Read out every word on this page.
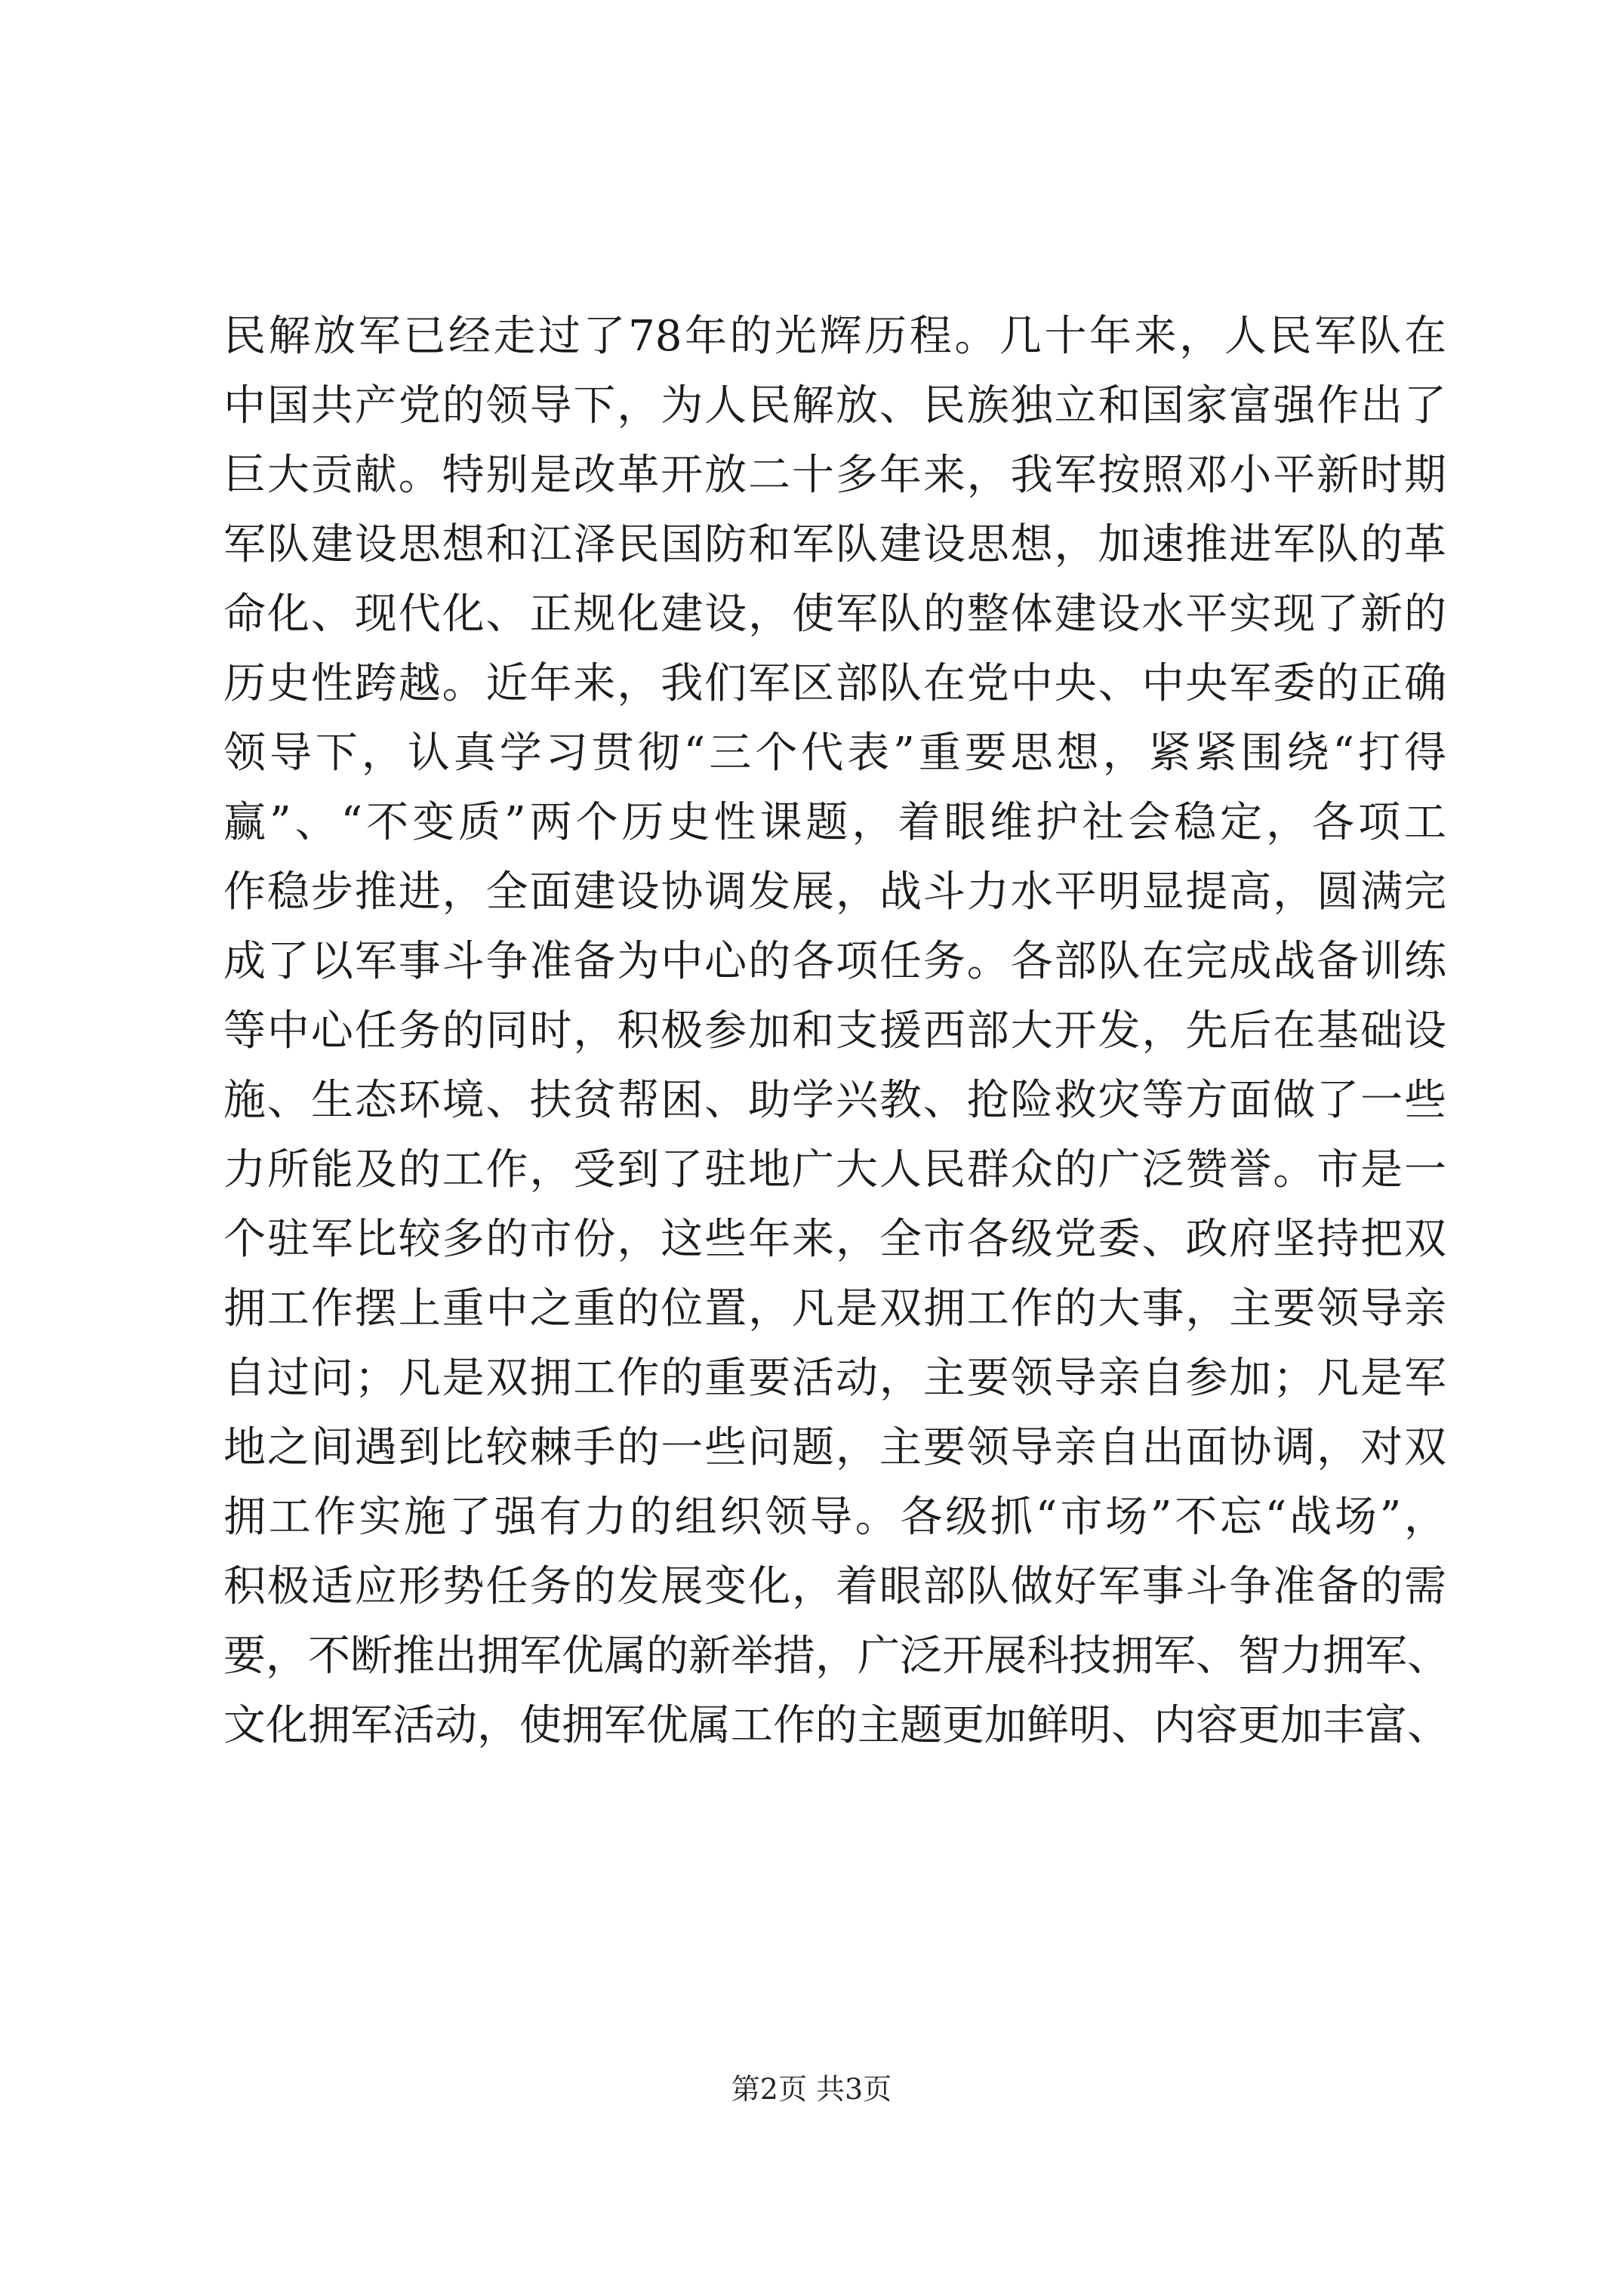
民解放军已经走过了78年的光辉历程。几十年来，人民军队在
中国共产党的领导下，为人民解放、民族独立和国家富强作出了
巨大贡献。特别是改革开放二十多年来，我军按照邓小平新时期
军队建设思想和江泽民国防和军队建设思想，加速推进军队的革
命化、现代化、正规化建设，使军队的整体建设水平实现了新的
历史性跨越。近年来，我们军区部队在党中央、中央军委的正确
领导下，认真学习贯彻“三个代表”重要思想，紧紧围绕“打得
赢”、“不变质”两个历史性课题，着眼维护社会稳定，各项工
作稳步推进，全面建设协调发展，战斗力水平明显提高，圆满完
成了以军事斗争准备为中心的各项任务。各部队在完成战备训练
等中心任务的同时，积极参加和支援西部大开发，先后在基础设
施、生态环境、扶贫帮困、助学兴教、抢险救灾等方面做了一些
力所能及的工作，受到了驻地广大人民群众的广泛赞誉。市是一
个驻军比较多的市份，这些年来，全市各级党委、政府坚持把双
拥工作摆上重中之重的位置，凡是双拥工作的大事，主要领导亲
自过问；凡是双拥工作的重要活动，主要领导亲自参加；凡是军
地之间遇到比较棘手的一些问题，主要领导亲自出面协调，对双
拥工作实施了强有力的组织领导。各级抓“市场”不忘“战场”，
积极适应形势任务的发展变化，着眼部队做好军事斗争准备的需
要，不断推出拥军优属的新举措，广泛开展科技拥军、智力拥军、
文化拥军活动，使拥军优属工作的主题更加鲜明、内容更加丰富、
第2页 共3页
